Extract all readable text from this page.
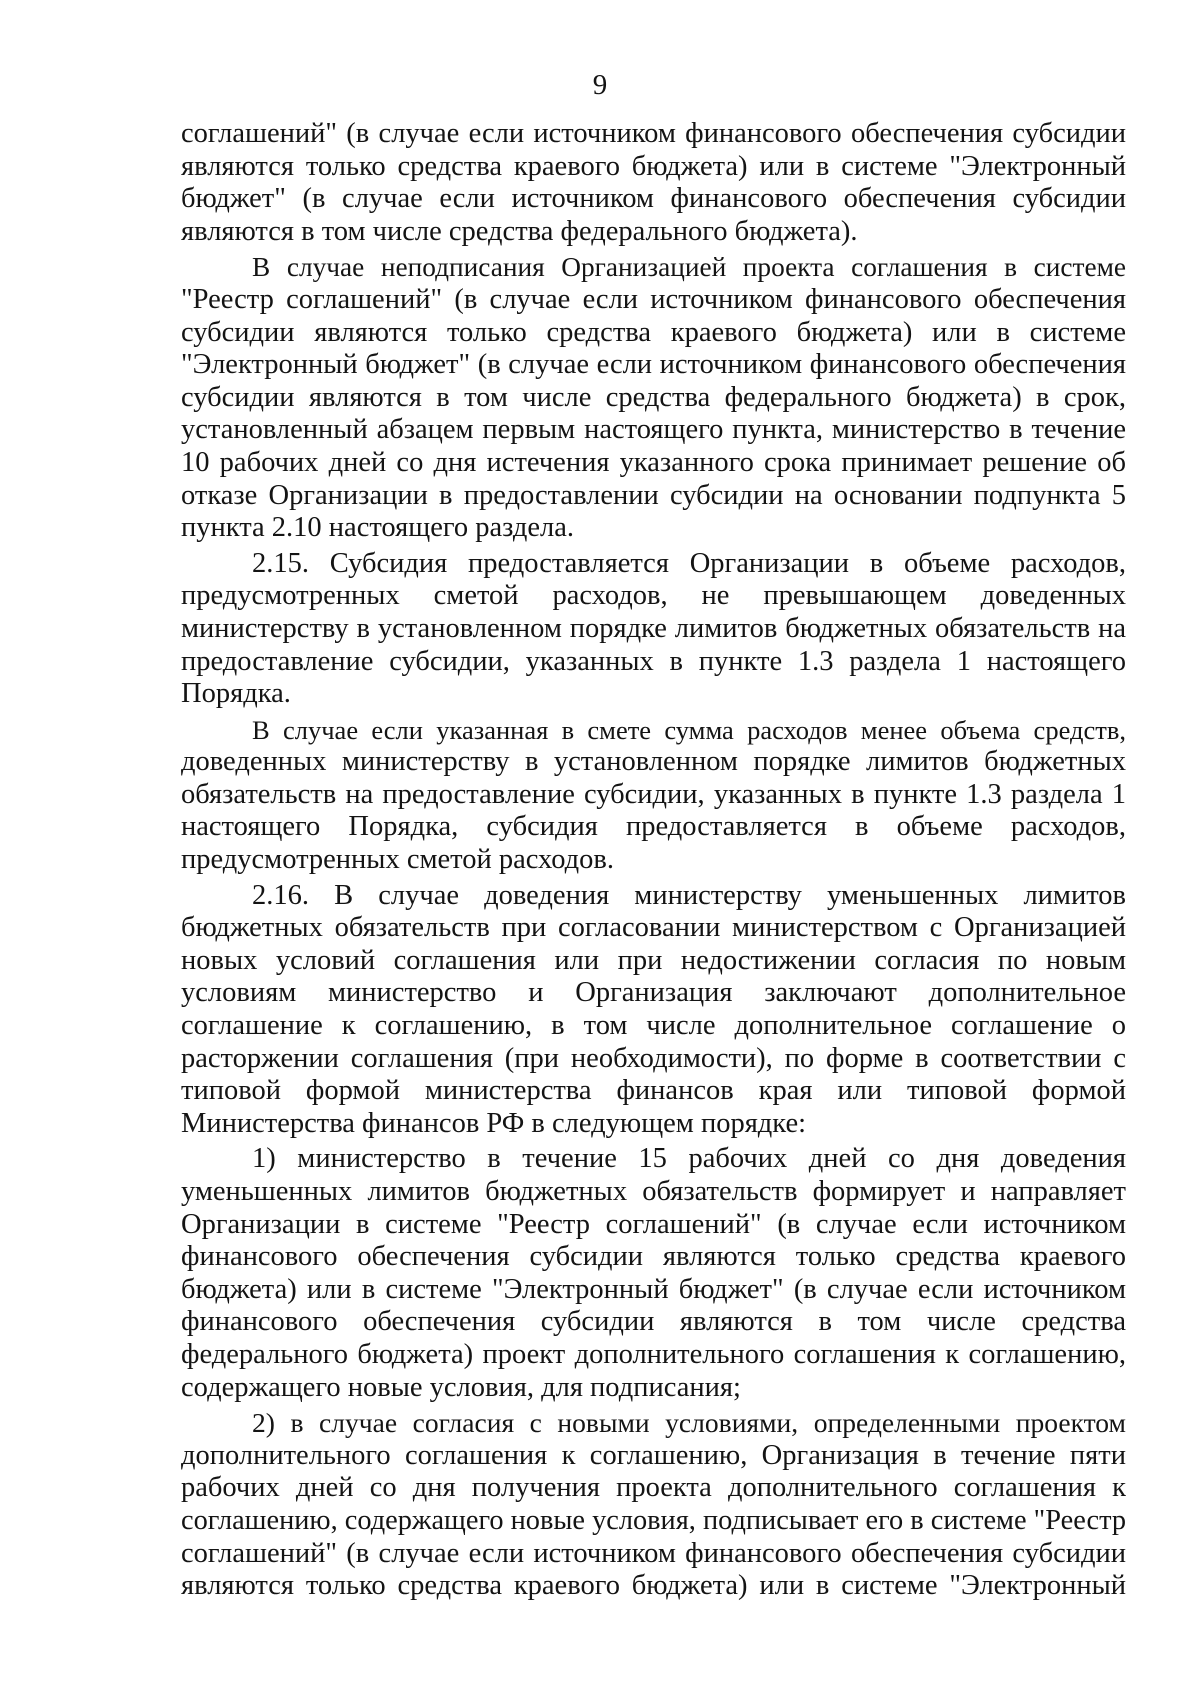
9
соглашений" (в случае если источником финансового обеспечения субсидии
являются только средства краевого бюджета) или в системе "Электронный
бюджет" (в случае если источником финансового обеспечения субсидии
являются в том числе средства федерального бюджета).
В случае неподписания Организацией проекта соглашения в системе
"Реестр соглашений" (в случае если источником финансового обеспечения
субсидии являются только средства краевого бюджета) или в системе
"Электронный бюджет" (в случае если источником финансового обеспечения
субсидии являются в том числе средства федерального бюджета) в срок,
установленный абзацем первым настоящего пункта, министерство в течение
10 рабочих дней со дня истечения указанного срока принимает решение об
отказе Организации в предоставлении субсидии на основании подпункта 5
пункта 2.10 настоящего раздела.
2.15. Субсидия предоставляется Организации в объеме расходов,
предусмотренных сметой расходов, не превышающем доведенных
министерству в установленном порядке лимитов бюджетных обязательств на
предоставление субсидии, указанных в пункте 1.3 раздела 1 настоящего
Порядка.
В случае если указанная в смете сумма расходов менее объема средств,
доведенных министерству в установленном порядке лимитов бюджетных
обязательств на предоставление субсидии, указанных в пункте 1.3 раздела 1
настоящего Порядка, субсидия предоставляется в объеме расходов,
предусмотренных сметой расходов.
2.16. В случае доведения министерству уменьшенных лимитов
бюджетных обязательств при согласовании министерством с Организацией
новых условий соглашения или при недостижении согласия по новым
условиям министерство и Организация заключают дополнительное
соглашение к соглашению, в том числе дополнительное соглашение о
расторжении соглашения (при необходимости), по форме в соответствии с
типовой формой министерства финансов края или типовой формой
Министерства финансов РФ в следующем порядке:
1) министерство в течение 15 рабочих дней со дня доведения
уменьшенных лимитов бюджетных обязательств формирует и направляет
Организации в системе "Реестр соглашений" (в случае если источником
финансового обеспечения субсидии являются только средства краевого
бюджета) или в системе "Электронный бюджет" (в случае если источником
финансового обеспечения субсидии являются в том числе средства
федерального бюджета) проект дополнительного соглашения к соглашению,
содержащего новые условия, для подписания;
2) в случае согласия с новыми условиями, определенными проектом
дополнительного соглашения к соглашению, Организация в течение пяти
рабочих дней со дня получения проекта дополнительного соглашения к
соглашению, содержащего новые условия, подписывает его в системе "Реестр
соглашений" (в случае если источником финансового обеспечения субсидии
являются только средства краевого бюджета) или в системе "Электронный
